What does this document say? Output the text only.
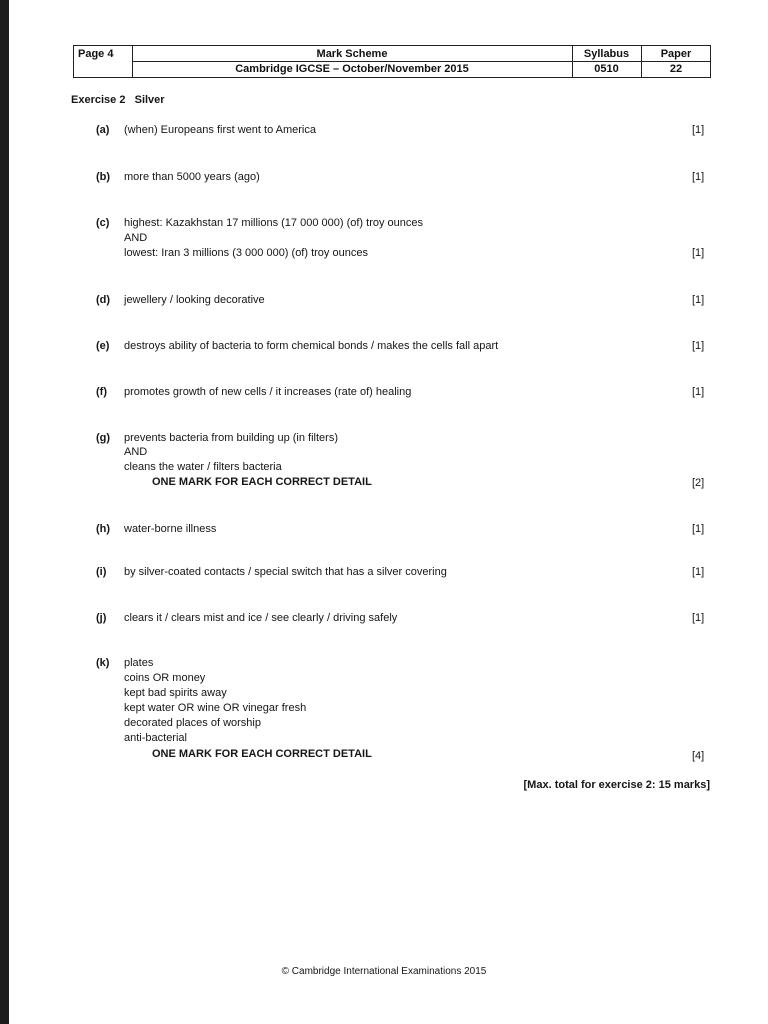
Page 4	Mark Scheme	Syllabus	Paper
Cambridge IGCSE – October/November 2015	0510	22
Exercise 2   Silver
(a) (when) Europeans first went to America	[1]
(b) more than 5000 years (ago)	[1]
(c) highest: Kazakhstan 17 millions (17 000 000) (of) troy ounces
AND
lowest: Iran 3 millions (3 000 000) (of) troy ounces	[1]
(d) jewellery / looking decorative	[1]
(e) destroys ability of bacteria to form chemical bonds / makes the cells fall apart	[1]
(f) promotes growth of new cells / it increases (rate of) healing	[1]
(g) prevents bacteria from building up (in filters)
AND
cleans the water / filters bacteria
ONE MARK FOR EACH CORRECT DETAIL	[2]
(h) water-borne illness	[1]
(i) by silver-coated contacts / special switch that has a silver covering	[1]
(j) clears it / clears mist and ice / see clearly / driving safely	[1]
(k) plates
coins OR money
kept bad spirits away
kept water OR wine OR vinegar fresh
decorated places of worship
anti-bacterial
ONE MARK FOR EACH CORRECT DETAIL	[4]
[Max. total for exercise 2: 15 marks]
© Cambridge International Examinations 2015
